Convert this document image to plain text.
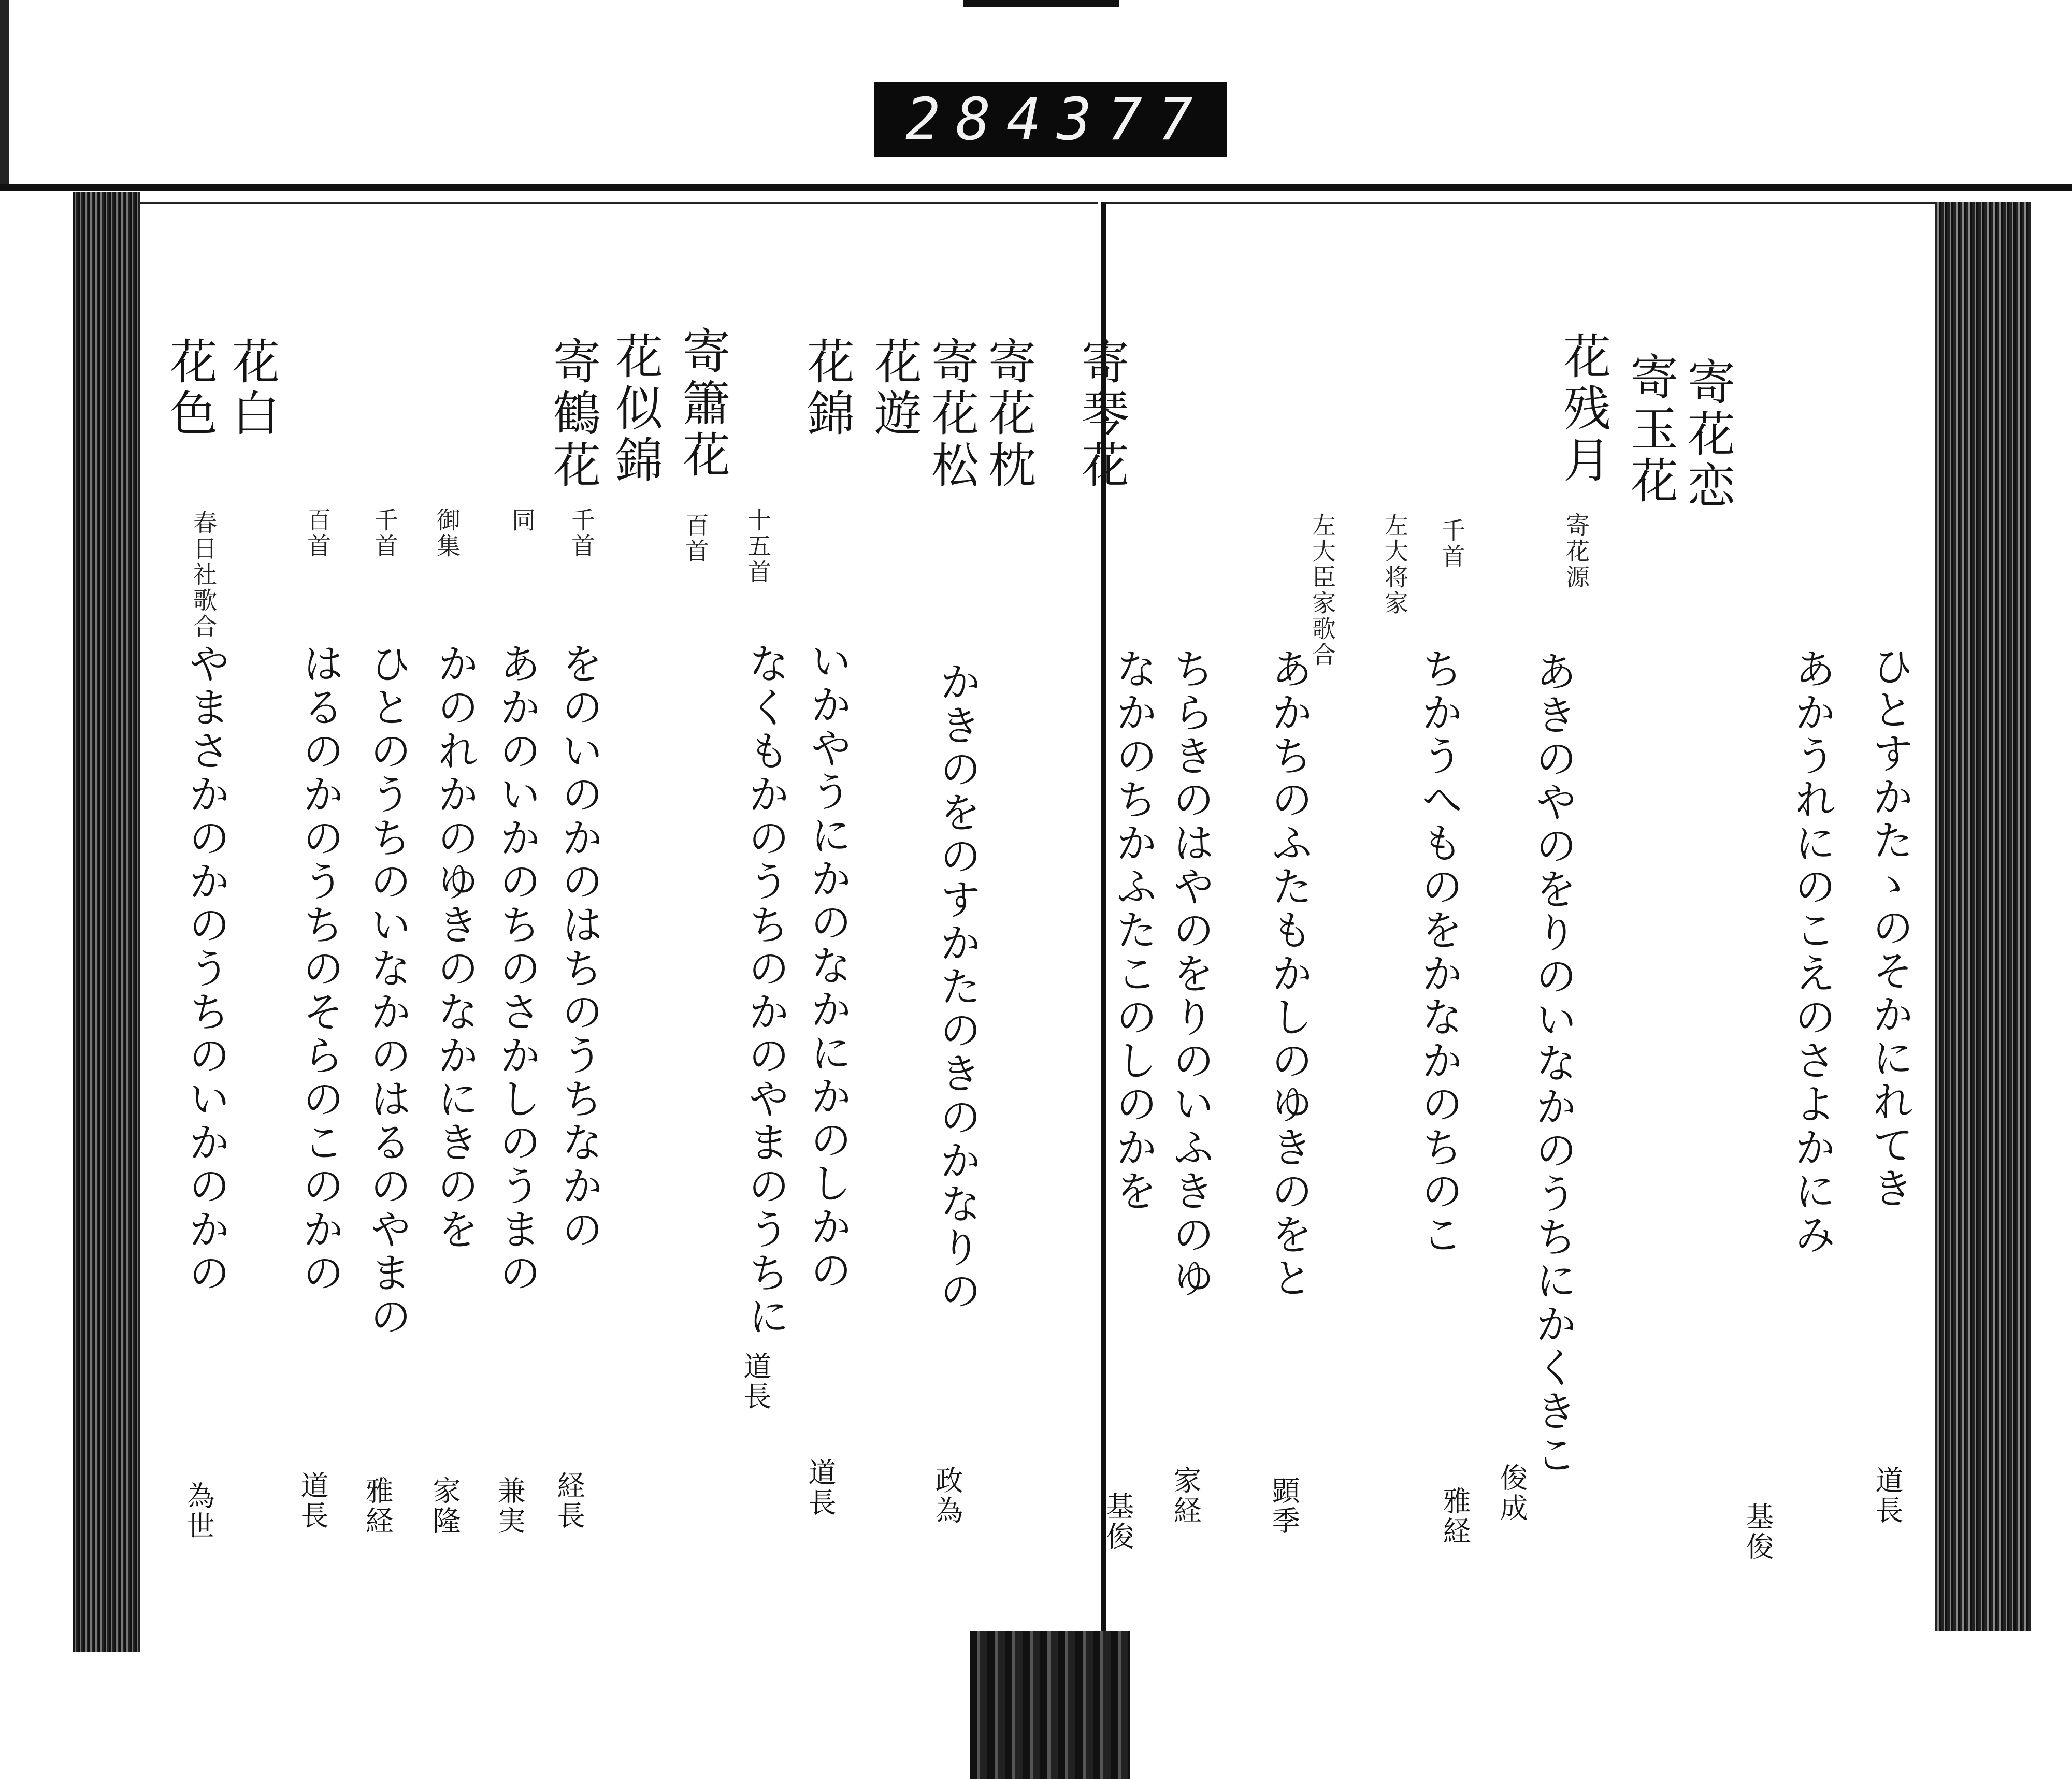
284 377
ひとすかたゝのそかにれてき
道長
あかうれにのこえのさよかにみ
基俊
あきのやのをりのいなかのうちにかくきこ
俊成
ちかうへものをかなかのちのこ
雅経
あかちのふたもかしのゆきのをと
顕季
ちらきのはやのをりのいふきのゆ
家経
なかのちかふたこのしのかを
基俊
寄花源
千首
左大将家
左大臣家歌合
寄花恋
寄玉花
花残月
寄琴花
かきのをのすかたのきのかなりの
政為
いかやうにかのなかにかのしかの
道長
なくもかのうちのかのやまのうちに
道長
をのいのかのはちのうちなかの
経長
あかのいかのちのさかしのうまの
兼実
かのれかのゆきのなかにきのを
家隆
ひとのうちのいなかのはるのやまの
雅経
はるのかのうちのそらのこのかの
道長
やまさかのかのうちのいかのかの
為世
十五首
百首
千首
同
御集
千首
百首
春日社歌合
寄花枕
寄花松
花遊
花錦
寄簫花
花似錦
寄鶴花
花白
花色
